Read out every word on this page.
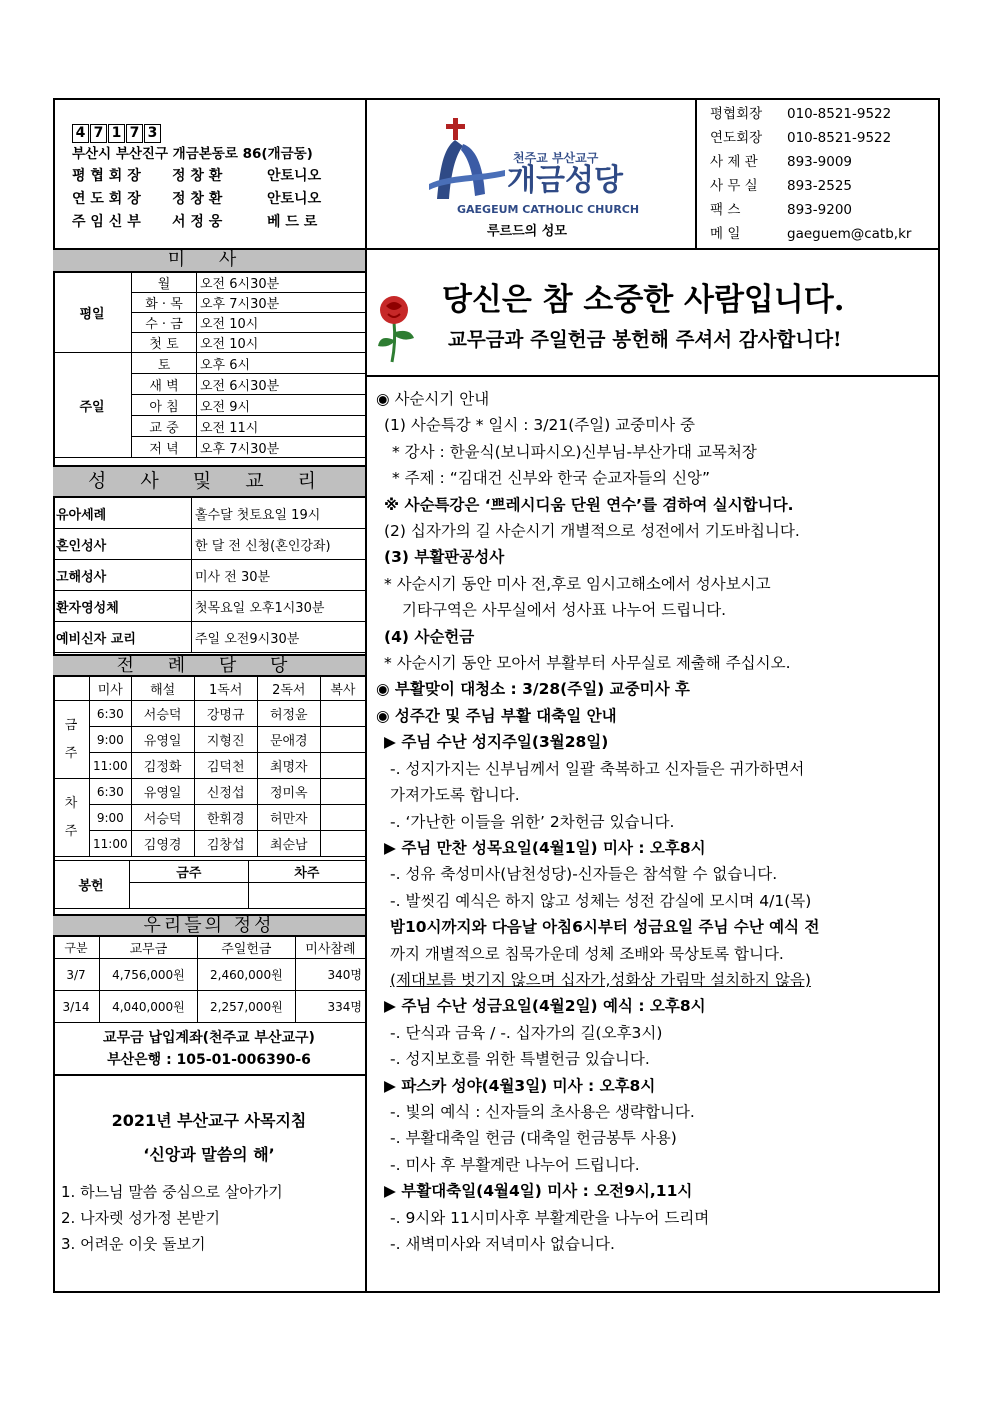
4 7 1 7 3
부산시 부산진구 개금본동로 86(개금동)
평 협 회 장	정 창 환	안토니오
연 도 회 장	정 창 환	안토니오
주 임 신 부	서 정 웅	베 드 로
천주교 부산교구
개금성당
GAEGEUM CATHOLIC CHURCH
루르드의 성모
평협회장	010-8521-9522
연도회장	010-8521-9522
사 제 관	893-9009
사 무 실	893-2525
팩 스	893-9200
메 일	gaeguem@catb,kr
미 사
평일	월	오전 6시30분
	화 · 목	오후 7시30분
	수 · 금	오전 10시
	첫 토	오전 10시
주일	토	오후 6시
	새 벽	오전 6시30분
	아 침	오전 9시
	교 중	오전 11시
	저 녁	오후 7시30분
성 사 및 교 리
유아세례	홀수달 첫토요일 19시
혼인성사	한 달 전 신청(혼인강좌)
고해성사	미사 전 30분
환자영성체	첫목요일 오후1시30분
예비신자 교리	주일 오전9시30분
전 례 담 당
	미사	해설	1독서	2독서	복사
금
주	6:30	서승덕	강명규	허정윤	
	9:00	유영일	지형진	문애경	
	11:00	김정화	김덕천	최명자	
차
주	6:30	유영일	신정섭	정미옥	
	9:00	서승덕	한휘경	허만자	
	11:00	김영경	김창섭	최순남	
봉헌	금주	차주

우리들의 정성
구분	교무금	주일헌금	미사참례
3/7	4,756,000원	2,460,000원	340명
3/14	4,040,000원	2,257,000원	334명
교무금 납입계좌(천주교 부산교구)
부산은행 : 105-01-006390-6
2021년 부산교구 사목지침
‘신앙과 말씀의 해’
1. 하느님 말씀 중심으로 살아가기
2. 나자렛 성가정 본받기
3. 어려운 이웃 돌보기
당신은 참 소중한 사람입니다.
교무금과 주일헌금 봉헌해 주셔서 감사합니다!
◉ 사순시기 안내
(1) 사순특강 * 일시 : 3/21(주일) 교중미사 중
* 강사 : 한윤식(보니파시오)신부님-부산가대 교목처장
* 주제 : “김대건 신부와 한국 순교자들의 신앙”
※ 사순특강은 ‘쁘레시디움 단원 연수’를 겸하여 실시합니다.
(2) 십자가의 길 사순시기 개별적으로 성전에서 기도바칩니다.
(3) 부활판공성사
* 사순시기 동안 미사 전,후로 임시고해소에서 성사보시고
기타구역은 사무실에서 성사표 나누어 드립니다.
(4) 사순헌금
* 사순시기 동안 모아서 부활부터 사무실로 제출해 주십시오.
◉ 부활맞이 대청소 : 3/28(주일) 교중미사 후
◉ 성주간 및 주님 부활 대축일 안내
▶ 주님 수난 성지주일(3월28일)
-. 성지가지는 신부님께서 일괄 축복하고 신자들은 귀가하면서
가져가도록 합니다.
-. ‘가난한 이들을 위한’ 2차헌금 있습니다.
▶ 주님 만찬 성목요일(4월1일) 미사 : 오후8시
-. 성유 축성미사(남천성당)-신자들은 참석할 수 없습니다.
-. 발씻김 예식은 하지 않고 성체는 성전 감실에 모시며 4/1(목)
밤10시까지와 다음날 아침6시부터 성금요일 주님 수난 예식 전
까지 개별적으로 침묵가운데 성체 조배와 묵상토록 합니다.
(제대보를 벗기지 않으며 십자가,성화상 가림막 설치하지 않음)
▶ 주님 수난 성금요일(4월2일) 예식 : 오후8시
-. 단식과 금육 / -. 십자가의 길(오후3시)
-. 성지보호를 위한 특별헌금 있습니다.
▶ 파스카 성야(4월3일) 미사 : 오후8시
-. 빛의 예식 : 신자들의 초사용은 생략합니다.
-. 부활대축일 헌금 (대축일 헌금봉투 사용)
-. 미사 후 부활계란 나누어 드립니다.
▶ 부활대축일(4월4일) 미사 : 오전9시,11시
-. 9시와 11시미사후 부활계란을 나누어 드리며
-. 새벽미사와 저녁미사 없습니다.
